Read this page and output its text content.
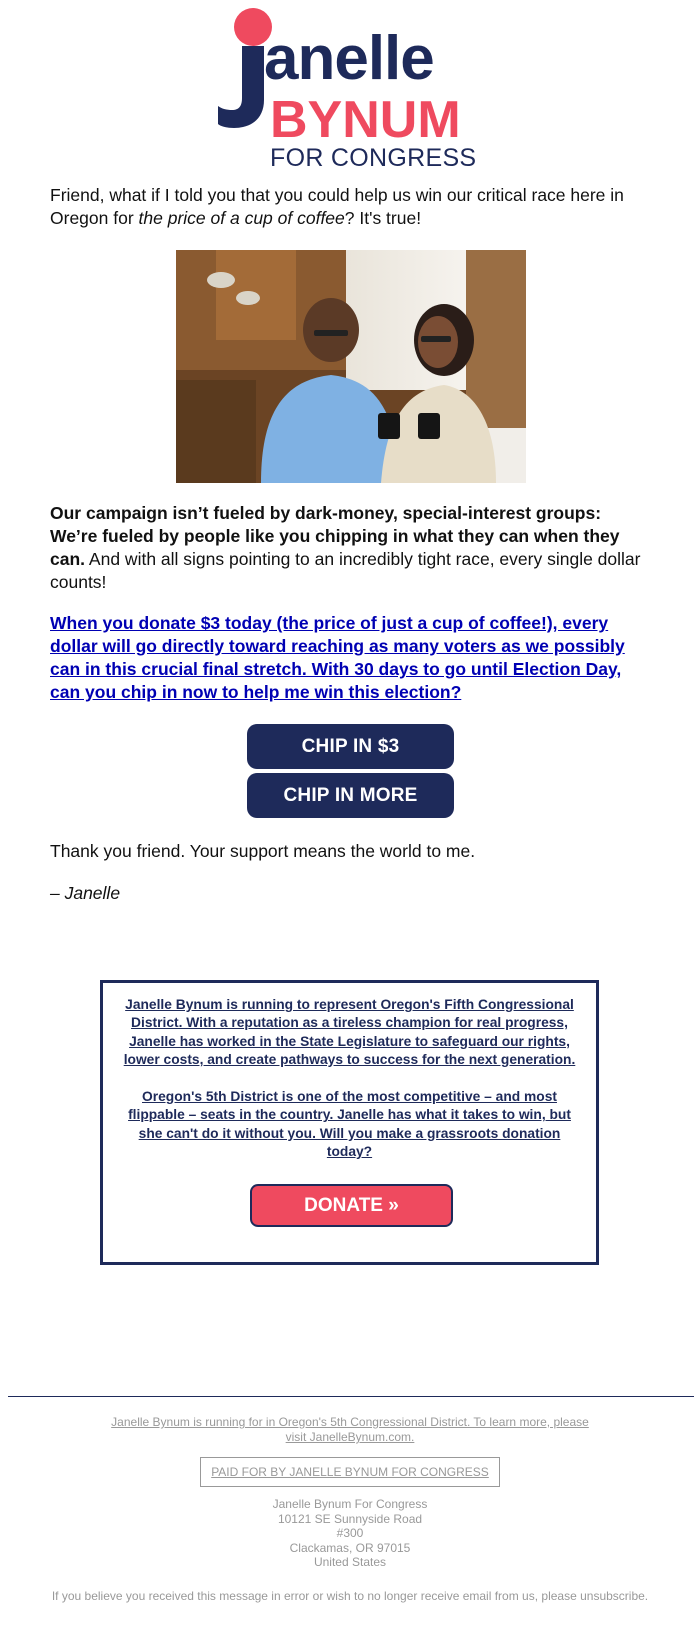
anelle
BYNUM
FOR CONGRESS

Friend, what if I told you that you could help us win our critical race here in Oregon for the price of a cup of coffee? It's true!

Our campaign isn’t fueled by dark-money, special-interest groups: We’re fueled by people like you chipping in what they can when they can. And with all signs pointing to an incredibly tight race, every single dollar counts!

When you donate $3 today (the price of just a cup of coffee!), every dollar will go directly toward reaching as many voters as we possibly can in this crucial final stretch. With 30 days to go until Election Day, can you chip in now to help me win this election?

CHIP IN $3
CHIP IN MORE

Thank you friend. Your support means the world to me.

– Janelle

Janelle Bynum is running to represent Oregon's Fifth Congressional District. With a reputation as a tireless champion for real progress, Janelle has worked in the State Legislature to safeguard our rights, lower costs, and create pathways to success for the next generation.

Oregon's 5th District is one of the most competitive – and most flippable – seats in the country. Janelle has what it takes to win, but she can't do it without you. Will you make a grassroots donation today?

DONATE »
Janelle Bynum is running for in Oregon's 5th Congressional District. To learn more, please visit JanelleBynum.com.
PAID FOR BY JANELLE BYNUM FOR CONGRESS
Janelle Bynum For Congress
10121 SE Sunnyside Road
#300
Clackamas, OR 97015
United States
If you believe you received this message in error or wish to no longer receive email from us, please unsubscribe.
